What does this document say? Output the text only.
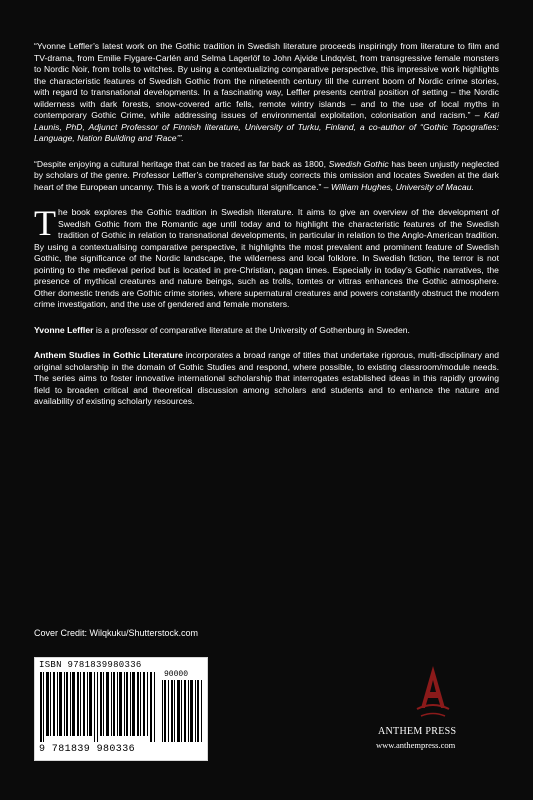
“Yvonne Leffler’s latest work on the Gothic tradition in Swedish literature proceeds inspiringly from literature to film and TV-drama, from Emilie Flygare-Carlén and Selma Lagerlöf to John Ajvide Lindqvist, from transgressive female monsters to Nordic Noir, from trolls to witches. By using a contextualizing comparative perspective, this impressive work highlights the characteristic features of Swedish Gothic from the nineteenth century till the current boom of Nordic crime stories, with regard to transnational developments. In a fascinating way, Leffler presents central position of setting – the Nordic wilderness with dark forests, snow-covered artic fells, remote wintry islands – and to the use of local myths in contemporary Gothic Crime, while addressing issues of environmental exploitation, colonisation and racism.” – Kati Launis, PhD, Adjunct Professor of Finnish literature, University of Turku, Finland, a co-author of “Gothic Topografies: Language, Nation Building and ‘Race’”.

“Despite enjoying a cultural heritage that can be traced as far back as 1800, Swedish Gothic has been unjustly neglected by scholars of the genre. Professor Leffler’s comprehensive study corrects this omission and locates Sweden at the dark heart of the European uncanny. This is a work of transcultural significance.” – William Hughes, University of Macau.

The book explores the Gothic tradition in Swedish literature. It aims to give an overview of the development of Swedish Gothic from the Romantic age until today and to highlight the characteristic features of the Swedish tradition of Gothic in relation to transnational developments, in particular in relation to the Anglo-American tradition. By using a contextualising comparative perspective, it highlights the most prevalent and prominent feature of Swedish Gothic, the significance of the Nordic landscape, the wilderness and local folklore. In Swedish fiction, the terror is not pointing to the medieval period but is located in pre-Christian, pagan times. Especially in today’s Gothic narratives, the presence of mythical creatures and nature beings, such as trolls, tomtes or vittras enhances the Gothic atmosphere. Other domestic trends are Gothic crime stories, where supernatural creatures and powers constantly obstruct the modern crime investigation, and the use of gendered and female monsters.

Yvonne Leffler is a professor of comparative literature at the University of Gothenburg in Sweden.

Anthem Studies in Gothic Literature incorporates a broad range of titles that undertake rigorous, multi-disciplinary and original scholarship in the domain of Gothic Studies and respond, where possible, to existing classroom/module needs. The series aims to foster innovative international scholarship that interrogates established ideas in this rapidly growing field to broaden critical and theoretical discussion among scholars and students and to enhance the nature and availability of existing scholarly resources.

Cover Credit: Wilqkuku/Shutterstock.com
ISBN 9781839980336
90000
9 781839 980336
ANTHEM PRESS
www.anthempress.com
